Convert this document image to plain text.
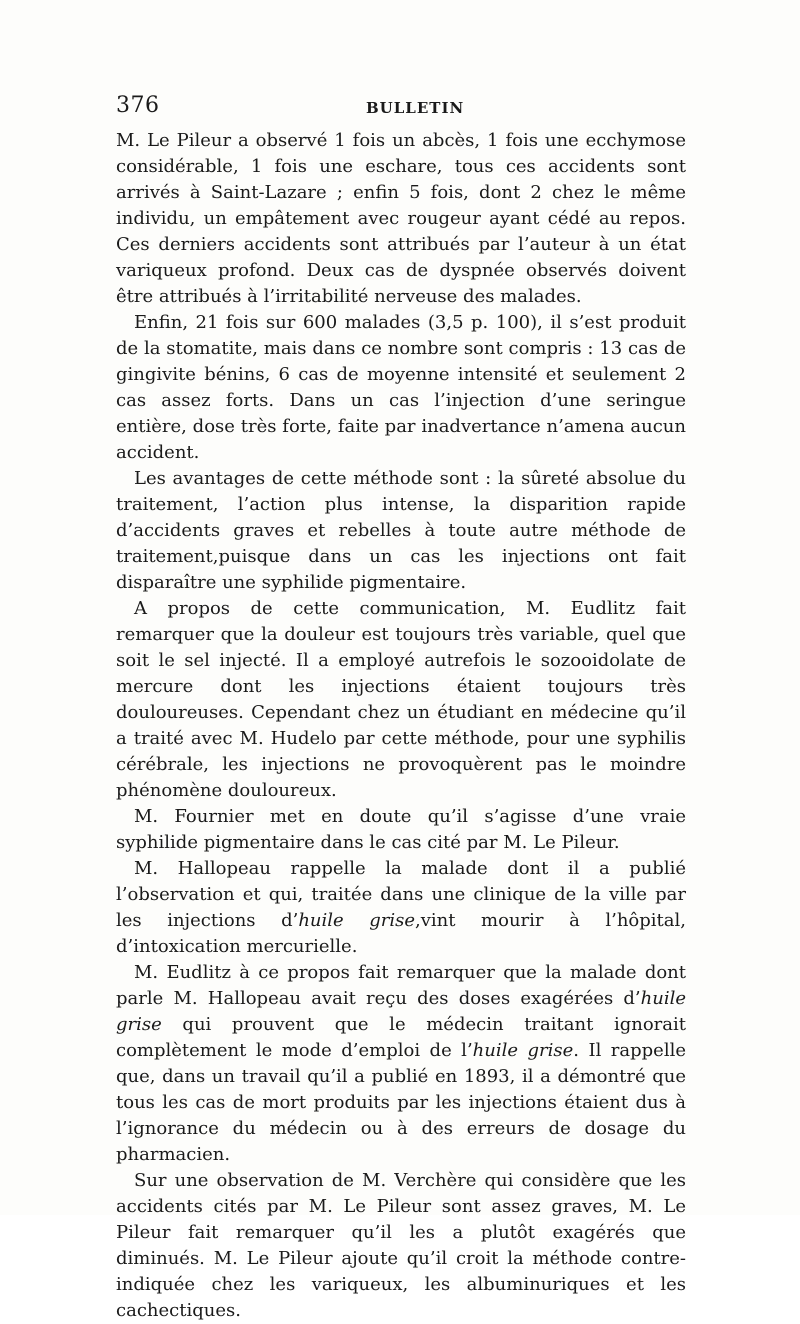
376	BULLETIN

M. Le Pileur a observé 1 fois un abcès, 1 fois une ecchymose considérable, 1 fois une eschare, tous ces accidents sont arrivés à Saint-Lazare ; enfin 5 fois, dont 2 chez le même individu, un empâtement avec rougeur ayant cédé au repos. Ces derniers accidents sont attribués par l’auteur à un état variqueux profond. Deux cas de dyspnée observés doivent être attribués à l’irritabilité nerveuse des malades.

Enfin, 21 fois sur 600 malades (3,5 p. 100), il s’est produit de la stomatite, mais dans ce nombre sont compris : 13 cas de gingivite bénins, 6 cas de moyenne intensité et seulement 2 cas assez forts. Dans un cas l’injection d’une seringue entière, dose très forte, faite par inadvertance n’amena aucun accident.

Les avantages de cette méthode sont : la sûreté absolue du traitement, l’action plus intense, la disparition rapide d’accidents graves et rebelles à toute autre méthode de traitement,puisque dans un cas les injections ont fait disparaître une syphilide pigmentaire.

A propos de cette communication, M. Eudlitz fait remarquer que la douleur est toujours très variable, quel que soit le sel injecté. Il a employé autrefois le sozooidolate de mercure dont les injections étaient toujours très douloureuses. Cependant chez un étudiant en médecine qu’il a traité avec M. Hudelo par cette méthode, pour une syphilis cérébrale, les injections ne provoquèrent pas le moindre phénomène douloureux.

M. Fournier met en doute qu’il s’agisse d’une vraie syphilide pigmentaire dans le cas cité par M. Le Pileur.

M. Hallopeau rappelle la malade dont il a publié l’observation et qui, traitée dans une clinique de la ville par les injections d’huile grise,vint mourir à l’hôpital, d’intoxication mercurielle.

M. Eudlitz à ce propos fait remarquer que la malade dont parle M. Hallopeau avait reçu des doses exagérées d’huile grise qui prouvent que le médecin traitant ignorait complètement le mode d’emploi de l’huile grise. Il rappelle que, dans un travail qu’il a publié en 1893, il a démontré que tous les cas de mort produits par les injections étaient dus à l’ignorance du médecin ou à des erreurs de dosage du pharmacien.

Sur une observation de M. Verchère qui considère que les accidents cités par M. Le Pileur sont assez graves, M. Le Pileur fait remarquer qu’il les a plutôt exagérés que diminués. M. Le Pileur ajoute qu’il croit la méthode contre-indiquée chez les variqueux, les albuminuriques et les cachectiques.
